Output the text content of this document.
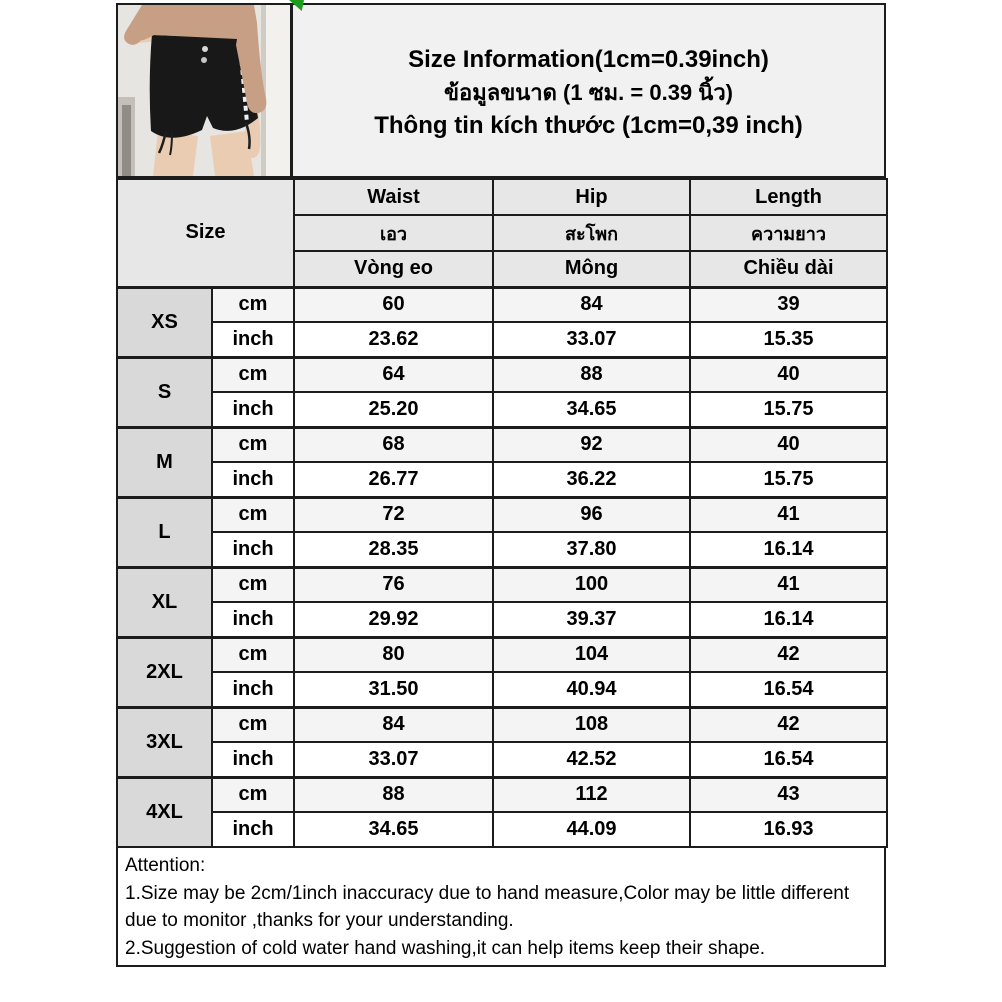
Size Information(1cm=0.39inch)
ข้อมูลขนาด (1 ซม. = 0.39 นิ้ว)
Thông tin kích thước (1cm=0,39 inch)
Size		Waist	Hip	Length
		เอว	สะโพก	ความยาว
		Vòng eo	Mông	Chiều dài
XS	cm	60	84	39
	inch	23.62	33.07	15.35
S	cm	64	88	40
	inch	25.20	34.65	15.75
M	cm	68	92	40
	inch	26.77	36.22	15.75
L	cm	72	96	41
	inch	28.35	37.80	16.14
XL	cm	76	100	41
	inch	29.92	39.37	16.14
2XL	cm	80	104	42
	inch	31.50	40.94	16.54
3XL	cm	84	108	42
	inch	33.07	42.52	16.54
4XL	cm	88	112	43
	inch	34.65	44.09	16.93
Attention:
1.Size may be 2cm/1inch inaccuracy due to hand measure,Color may be little different
due to monitor ,thanks for your understanding.
2.Suggestion of cold water hand washing,it can help items keep their shape.
